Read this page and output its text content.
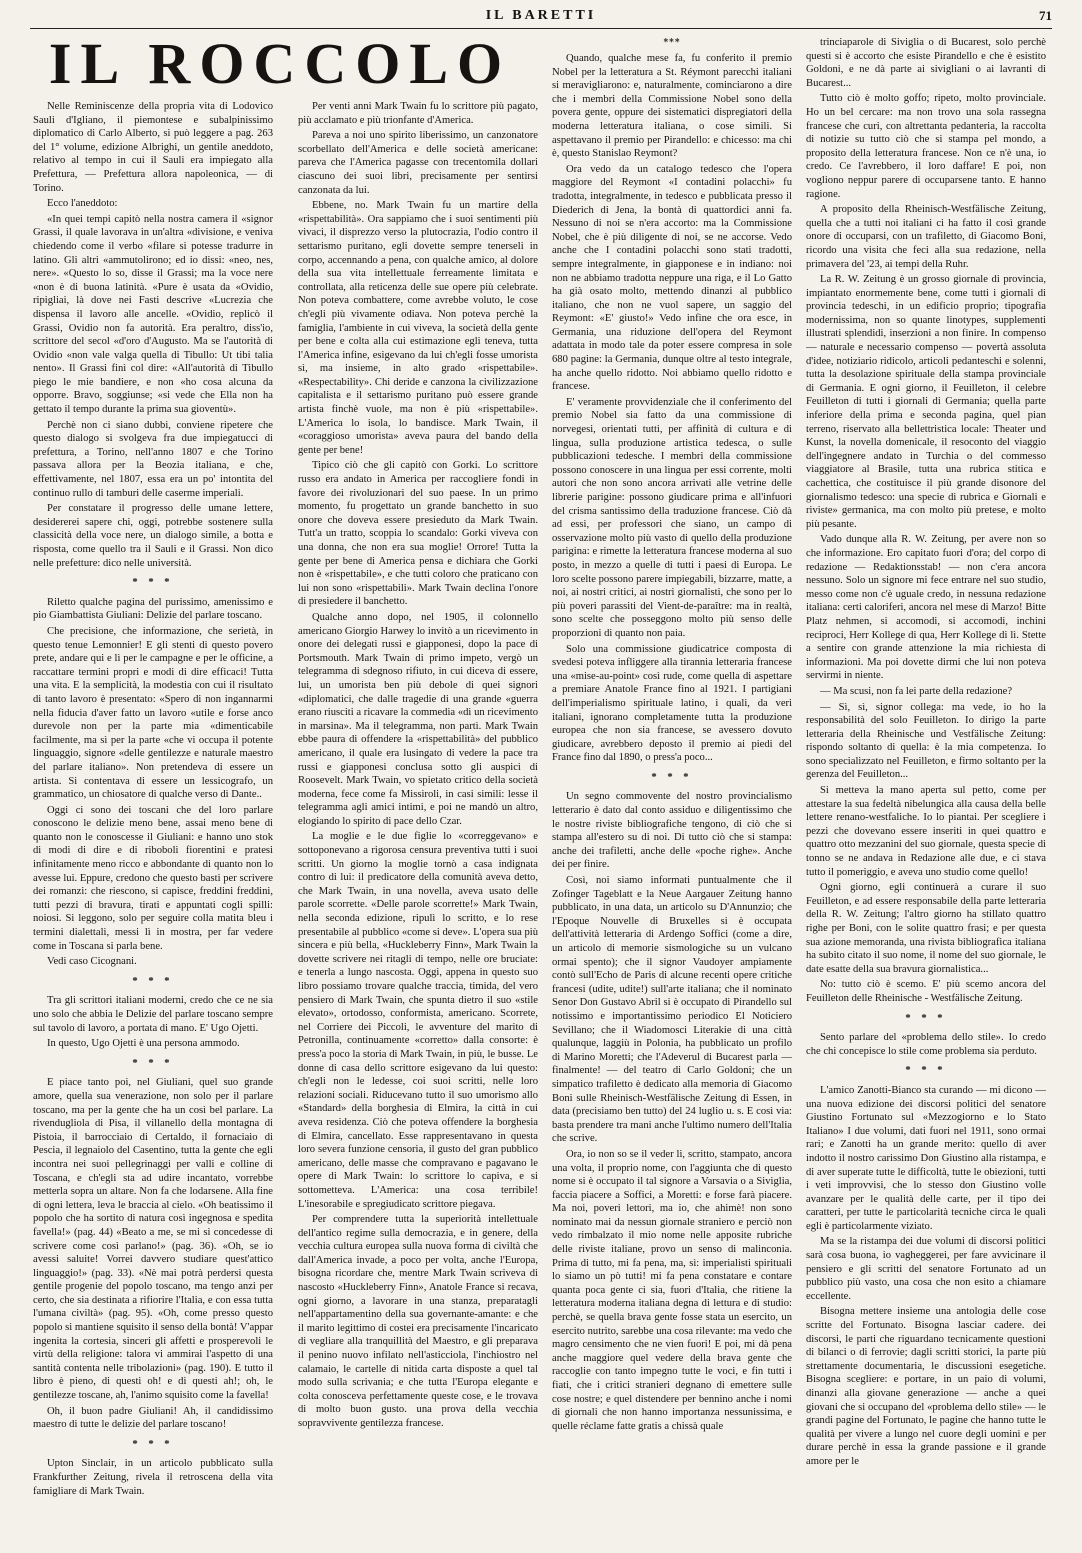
IL BARETTI	71
IL ROCCOLO	***

Nelle Reminiscenze della propria vita di Lodovico Sauli d'Igliano, il piemontese e subalpinissimo diplomatico di Carlo Alberto, si può leggere a pag. 263 del 1° volume, edizione Albrighi, un gentile aneddoto, relativo al tempo in cui il Sauli era impiegato alla Prefettura, — Prefettura allora napoleonica, — di Torino.

Ecco l'aneddoto:

«In quei tempi capitò nella nostra camera il «signor Grassi, il quale lavorava in un'altra «divisione, e veniva chiedendo come il verbo «filare si potesse tradurre in latino. Gli altri «ammutolirono; ed io dissi: «neo, nes, nere». «Questo lo so, disse il Grassi; ma la voce nere «non è di buona latinità. «Pure è usata da «Ovidio, ripigliai, là dove nei Fasti descrive «Lucrezia che dispensa il lavoro alle ancelle. «Ovidio, replicò il Grassi, Ovidio non fa autorità. Era peraltro, diss'io, scrittore del secol «d'oro d'Augusto. Ma se l'autorità di Ovidio «non vale valga quella di Tibullo: Ut tibi talia nento». Il Grassi finì col dire: «All'autorità di Tibullo piego le mie bandiere, e non «ho cosa alcuna da opporre. Bravo, soggiunse; «si vede che Ella non ha gettato il tempo durante la prima sua gioventù».

Perchè non ci siano dubbi, conviene ripetere che questo dialogo si svolgeva fra due impiegatucci di prefettura, a Torino, nell'anno 1807 e che Torino passava allora per la Beozia italiana, e che, effettivamente, nel 1807, essa era un po' intontita del continuo rullo di tamburi delle caserme imperiali.

Per constatare il progresso delle umane lettere, desidererei sapere chi, oggi, potrebbe sostenere sulla classicità della voce nere, un dialogo simile, a botta e risposta, come quello tra il Sauli e il Grassi. Non dico nelle prefetture: dico nelle università.

* * *

Riletto qualche pagina del purissimo, amenissimo e pio Giambattista Giuliani: Delizie del parlare toscano.

Che precisione, che informazione, che serietà, in questo tenue Lemonnier! E gli stenti di questo povero prete, andare qui e lì per le campagne e per le officine, a raccattare termini propri e modi di dire efficaci! Tutta una vita. E la semplicità, la modestia con cui il risultato di tanto lavoro è presentato: «Spero di non ingannarmi nella fiducia d'aver fatto un lavoro «utile e forse anco durevole non per la parte mia «dimenticabile facilmente, ma sì per la parte «che vi occupa il potente linguaggio, signore «delle gentilezze e naturale maestro del parlare italiano». Non pretendeva di essere un artista. Si contentava di essere un lessicografo, un grammatico, un chiosatore di qualche verso di Dante..

Oggi ci sono dei toscani che del loro parlare conoscono le delizie meno bene, assai meno bene di quanto non le conoscesse il Giuliani: e hanno uno stok di modi di dire e di riboboli fiorentini e pratesi infinitamente meno ricco e abbondante di quanto non lo avesse lui. Eppure, credono che questo basti per scrivere dei romanzi: che riescono, si capisce, freddini freddini, tutti pezzi di bravura, tirati e appuntati cogli spilli: noiosi. Si leggono, solo per seguire colla matita bleu i termini dialettali, messi lì in mostra, per far vedere come in Toscana si parla bene.

Vedi caso Cicognani.

* * *

Tra gli scrittori italiani moderni, credo che ce ne sia uno solo che abbia le Delizie del parlare toscano sempre sul tavolo di lavoro, a portata di mano. E' Ugo Ojetti.

In questo, Ugo Ojetti è una persona ammodo.

* * *

E piace tanto poi, nel Giuliani, quel suo grande amore, quella sua venerazione, non solo per il parlare toscano, ma per la gente che ha un così bel parlare. La rivendugliola di Pisa, il villanello della montagna di Pistoia, il barrocciaio di Certaldo, il fornaciaio di Pescia, il legnaiolo del Casentino, tutta la gente che egli incontra nei suoi pellegrinaggi per valli e colline di Toscana, e ch'egli sta ad udire incantato, vorrebbe metterla sopra un altare. Non fa che lodarsene. Alla fine di ogni lettera, leva le braccia al cielo. «Oh beatissimo il popolo che ha sortito di natura così ingegnosa e spedita favella!» (pag. 44) «Beato a me, se mi si concedesse di scrivere come così parlano!» (pag. 36). «Oh, se io avessi saluite! Vorrei davvero studiare quest'attico linguaggio!» (pag. 33). «Nè mai potrà perdersi questa gentile progenie del popolo toscano, ma tengo anzi per certo, che sia destinata a rifiorire l'Italia, e con essa tutta l'umana civiltà» (pag. 95). «Oh, come presso questo popolo si mantiene squisito il senso della bontà! V'appar ingenita la cortesia, sinceri gli affetti e prosperevoli le virtù della religione: talora vi ammirai l'aspetto di una santità contenta nelle tribolazioni» (pag. 190). E tutto il libro è pieno, di questi oh! e di questi ah!; oh, le gentilezze toscane, ah, l'animo squisito come la favella!

Oh, il buon padre Giuliani! Ah, il candidissimo maestro di tutte le delizie del parlare toscano!

* * *

Upton Sinclair, in un articolo pubblicato sulla Frankfurther Zeitung, rivela il retroscena della vita famigliare di Mark Twain.

Per venti anni Mark Twain fu lo scrittore più pagato, più acclamato e più trionfante d'America.

Pareva a noi uno spirito liberissimo, un canzonatore scorbellato dell'America e delle società americane: pareva che l'America pagasse con trecentomila dollari ciascuno dei suoi libri, precisamente per sentirsi canzonata da lui.

Ebbene, no. Mark Twain fu un martire della «rispettabilità». Ora sappiamo che i suoi sentimenti più vivaci, il disprezzo verso la plutocrazia, l'odio contro il settarismo puritano, egli dovette sempre tenerseli in corpo, accennando a pena, con qualche amico, al dolore della sua vita intellettuale ferreamente limitata e controllata, alla reticenza delle sue opere più celebrate. Non poteva combattere, come avrebbe voluto, le cose ch'egli più vivamente odiava. Non poteva perchè la famiglia, l'ambiente in cui viveva, la società della gente per bene e colta alla cui estimazione egli teneva, tutta l'America infine, esigevano da lui ch'egli fosse umorista sì, ma insieme, in alto grado «rispettabile». «Respectability». Chi deride e canzona la civilizzazione capitalista e il settarismo puritano può essere grande artista finchè vuole, ma non è più «rispettabile». L'America lo isola, lo bandisce. Mark Twain, il «coraggioso umorista» aveva paura del bando della gente per bene!

Tipico ciò che gli capitò con Gorki. Lo scrittore russo era andato in America per raccogliere fondi in favore dei rivoluzionari del suo paese. In un primo momento, fu progettato un grande banchetto in suo onore che doveva essere presieduto da Mark Twain. Tutt'a un tratto, scoppia lo scandalo: Gorki viveva con una donna, che non era sua moglie! Orrore! Tutta la gente per bene di America pensa e dichiara che Gorki non è «rispettabile», e che tutti coloro che praticano con lui non sono «rispettabili». Mark Twain declina l'onore di presiedere il banchetto.

Qualche anno dopo, nel 1905, il colonnello americano Giorgio Harwey lo invitò a un ricevimento in onore dei delegati russi e giapponesi, dopo la pace di Portsmouth. Mark Twain di primo impeto, vergò un telegramma di sdegnoso rifiuto, in cui diceva di essere, lui, un umorista ben più debole di quei signori «diplomatici, che dalle tragedie di una grande «guerra erano riusciti a ricavare la commedia «di un ricevimento in marsina». Ma il telegramma, non partì. Mark Twain ebbe paura di offendere la «rispettabilità» del pubblico americano, il quale era lusingato di vedere la pace tra russi e giapponesi conclusa sotto gli auspici di Roosevelt. Mark Twain, vo spietato critico della società moderna, fece come fa Missiroli, in casi simili: lesse il telegramma agli amici intimi, e poi ne mandò un altro, elogiando lo spirito di pace dello Czar.

La moglie e le due figlie lo «correggevano» e sottoponevano a rigorosa censura preventiva tutti i suoi scritti. Un giorno la moglie tornò a casa indignata contro di lui: il predicatore della comunità aveva detto, che Mark Twain, in una novella, aveva usato delle parole scorrette. «Delle parole scorrette!» Mark Twain, nella seconda edizione, ripulì lo scritto, e lo rese presentabile al pubblico «come si deve». L'opera sua più sincera e più bella, «Huckleberry Finn», Mark Twain la dovette scrivere nei ritagli di tempo, nelle ore bruciate: e tenerla a lungo nascosta. Oggi, appena in questo suo libro possiamo trovare qualche traccia, timida, del vero pensiero di Mark Twain, che spunta dietro il suo «stile elevato», ortodosso, conformista, americano. Scorrete, nel Corriere dei Piccoli, le avventure del marito di Petronilla, continuamente «corretto» dalla consorte: è press'a poco la storia di Mark Twain, in più, le busse. Le donne di casa dello scrittore esigevano da lui questo: ch'egli non le ledesse, coi suoi scritti, nelle loro relazioni sociali. Riducevano tutto il suo umorismo allo «Standard» della borghesia di Elmira, la città in cui aveva residenza. Ciò che poteva offendere la borghesia di Elmira, cancellato. Esse rappresentavano in questa loro severa funzione censoria, il gusto del gran pubblico americano, delle masse che compravano e pagavano le opere di Mark Twain: lo scrittore lo capiva, e si sottometteva. L'America: una cosa terribile! L'inesorabile e spregiudicato scrittore piegava.

Per comprendere tutta la superiorità intellettuale dell'antico regime sulla democrazia, e in genere, della vecchia cultura europea sulla nuova forma di civiltà che dall'America invade, a poco per volta, anche l'Europa, bisogna ricordare che, mentre Mark Twain scriveva di nascosto «Huckleberry Finn», Anatole France si recava, ogni giorno, a lavorare in una stanza, preparatagli nell'appartamentino della sua governante-amante: e che il marito legittimo di costei era precisamente l'incaricato di vegliare alla tranquillità del Maestro, e gli preparava il penino nuovo infilato nell'asticciola, l'inchiostro nel calamaio, le cartelle di nitida carta disposte a quel tal modo sulla scrivania; e che tutta l'Europa elegante e colta conosceva perfettamente queste cose, e le trovava di molto buon gusto. una prova della vecchia sopravvivente gentilezza francese.

Quando, qualche mese fa, fu conferito il premio Nobel per la letteratura a St. Réymont parecchi italiani si meravigliarono: e, naturalmente, cominciarono a dire che i membri della Commissione Nobel sono della povera gente, oppure dei sistematici dispregiatori della moderna letteratura italiana, o cose simili. Si aspettavano il premio per Pirandello: e chicesso: ma chi è, questo Stanislao Reymont?

Ora vedo da un catalogo tedesco che l'opera maggiore del Reymont «I contadini polacchi» fu tradotta, integralmente, in tedesco e pubblicata presso il Diederich di Jena, la bontà di quattordici anni fa. Nessuno di noi se n'era accorto: ma la Commissione Nobel, che è più diligente di noi, se ne accorse. Vedo anche che I contadini polacchi sono stati tradotti, sempre integralmente, in giapponese e in indiano: noi non ne abbiamo tradotta neppure una riga, e il Lo Gatto ha già osato molto, mettendo dinanzi al pubblico italiano, che non ne vuol sapere, un saggio del Reymont: «E' giusto!» Vedo infine che ora esce, in Germania, una riduzione dell'opera del Reymont adattata in modo tale da poter essere compresa in sole 680 pagine: la Germania, dunque oltre al testo integrale, ha anche quello ridotto. Noi abbiamo quello ridotto e francese.

E' veramente provvidenziale che il conferimento del premio Nobel sia fatto da una commissione di norvegesi, orientati tutti, per affinità di cultura e di lingua, sulla produzione artistica tedesca, o sulle pubblicazioni tedesche. I membri della commissione possono conoscere in una lingua per essi corrente, molti autori che non sono ancora arrivati alle vetrine delle librerie parigine: possono giudicare prima e all'infuori del crisma santissimo della traduzione francese. Ciò dà ad essi, per professori che siano, un campo di osservazione molto più vasto di quello della produzione parigina: e rimette la letteratura francese moderna al suo posto, in mezzo a quelle di tutti i paesi di Europa. Le loro scelte possono parere impiegabili, bizzarre, matte, a noi, ai nostri critici, ai nostri giornalisti, che sono per lo più poveri parassiti del Vient-de-paraître: ma in realtà, sono scelte che posseggono molto più senso delle proporzioni di quanto non paia.

Solo una commissione giudicatrice composta di svedesi poteva infliggere alla tirannia letteraria francese una «mise-au-point» così rude, come quella di aspettare a premiare Anatole France fino al 1921. I partigiani dell'imperialismo spirituale latino, i quali, da veri italiani, ignorano completamente tutta la produzione europea che non sia francese, se avessero dovuto giudicare, avrebbero deposto il premio ai piedi del France fino dal 1890, o press'a poco...

* * *

Un segno commovente del nostro provincialismo letterario è dato dal conto assiduo e diligentissimo che le nostre riviste bibliografiche tengono, di ciò che si stampa all'estero su di noi. Di tutto ciò che si stampa: anche dei trafiletti, anche delle «poche righe». Anche dei per finire.

Così, noi siamo informati puntualmente che il Zofinger Tageblatt e la Neue Aargauer Zeitung hanno pubblicato, in una data, un articolo su D'Annunzio; che l'Epoque Nouvelle di Bruxelles si è occupata dell'attività letteraria di Ardengo Soffici (come a dire, un articolo di memorie sismologiche su un vulcano ormai spento); che il signor Vaudoyer ampiamente contò sull'Echo de Paris di alcune recenti opere critiche francesi (udite, udite!) sull'arte italiana; che il nominato Senor Don Gustavo Abril si è occupato di Pirandello sul notissimo e importantissimo periodico El Noticiero Sevillano; che il Wiadomosci Literakie di una città qualunque, laggiù in Polonia, ha pubblicato un profilo di Marino Moretti; che l'Adeverul di Bucarest parla — finalmente! — del teatro di Carlo Goldoni; che un simpatico trafiletto è dedicato alla memoria di Giacomo Boni sulle Rheinisch-Westfälische Zeitung di Essen, in data (precisiamo ben tutto) del 24 luglio u. s. E così via: basta prendere tra mani anche l'ultimo numero dell'Italia che scrive.

Ora, io non so se il veder li, scritto, stampato, ancora una volta, il proprio nome, con l'aggiunta che di questo nome si è occupato il tal signore a Varsavia o a Siviglia, faccia piacere a Soffici, a Moretti: e forse farà piacere. Ma noi, poveri lettori, ma io, che ahimè! non sono nominato mai da nessun giornale straniero e perciò non vedo rimbalzato il mio nome nelle apposite rubriche delle riviste italiane, provo un senso di malinconia. Prima di tutto, mi fa pena, ma, sì: imperialisti spirituali lo siamo un pò tutti! mi fa pena constatare e contare quanta poca gente ci sia, fuori d'Italia, che ritiene la letteratura moderna italiana degna di lettura e di studio: perchè, se quella brava gente fosse stata un esercito, un esercito nutrito, sarebbe una cosa rilevante: ma vedo che magro censimento che ne vien fuori! E poi, mi dà pena anche maggiore quel vedere della brava gente che raccoglie con tanto impegno tutte le voci, e fin tutti i fiati, che i critici stranieri degnano di emettere sulle cose nostre; e quel distendere per bennino anche i nomi di giornali che non hanno importanza nessunissima, e quelle réclame fatte gratis a chissà quale

trinciaparole di Siviglia o di Bucarest, solo perchè questi si è accorto che esiste Pirandello e che è esistito Goldoni, e ne dà parte ai sivigliani o ai lavranti di Bucarest...

Tutto ciò è molto goffo; ripeto, molto provinciale. Ho un bel cercare: ma non trovo una sola rassegna francese che curi, con altrettanta pedanteria, la raccolta di notizie su tutto ciò che si stampa pel mondo, a proposito della letteratura francese. Non ce n'è una, io credo. Ce l'avrebbero, il loro daffare! E poi, non vogliono neppur parere di occuparsene tanto. E hanno ragione.

A proposito della Rheinisch-Westfälische Zeitung, quella che a tutti noi italiani ci ha fatto il così grande onore di occuparsi, con un trafiletto, di Giacomo Boni, ricordo una visita che feci alla sua redazione, nella primavera del '23, ai tempi della Ruhr.

La R. W. Zeitung è un grosso giornale di provincia, impiantato enormemente bene, come tutti i giornali di provincia tedeschi, in un edificio proprio; tipografia modernissima, non so quante linotypes, supplementi illustrati splendidi, inserzioni a non finire. In compenso — naturale e necessario compenso — povertà assoluta d'idee, notiziario ridicolo, articoli pedanteschi e solenni, tutta la desolazione spirituale della stampa provinciale di Germania. E ogni giorno, il Feuilleton, il celebre Feuilleton di tutti i giornali di Germania; quella parte inferiore della prima e seconda pagina, quel pian terreno, riservato alla bellettristica locale: Theater und Kunst, la novella domenicale, il resoconto del viaggio dell'ingegnere andato in Turchia o del commesso viaggiatore al Brasile, tutta una rubrica stitica e cachettica, che costituisce il più grande disonore del giornalismo tedesco: una specie di rubrica e Giornali e riviste» germanica, ma con molto più pretese, e molto più pesante.

Vado dunque alla R. W. Zeitung, per avere non so che informazione. Ero capitato fuori d'ora; del corpo di redazione — Redaktionsstab! — non c'era ancora nessuno. Solo un signore mi fece entrare nel suo studio, messo come non c'è uguale credo, in nessuna redazione italiana: certi caloriferi, ancora nel mese di Marzo! Bitte Platz nehmen, si accomodi, si accomodi, inchini reciproci, Herr Kollege di qua, Herr Kollege di lì. Stette a sentire con grande attenzione la mia richiesta di informazioni. Ma poi dovette dirmi che lui non poteva servirmi in niente.

— Ma scusi, non fa lei parte della redazione?

— Sì, sì, signor collega: ma vede, io ho la responsabilità del solo Feuilleton. Io dirigo la parte letteraria della Rheinische und Vestfälische Zeitung: rispondo soltanto di quella: è la mia competenza. Io sono specializzato nel Feuilleton, e firmo soltanto per la gerenza del Feuilleton...

Si metteva la mano aperta sul petto, come per attestare la sua fedeltà nibelungica alla causa della belle lettere renano-westfaliche. Io lo piantai. Per scegliere i pezzi che dovevano essere inseriti in quei quattro e quattro otto mezzanini del suo giornale, questa specie di tonno se ne andava in Redazione alle due, e ci stava tutto il pomeriggio, e aveva uno studio come quello!

Ogni giorno, egli continuerà a curare il suo Feuilleton, e ad essere responsabile della parte letteraria della R. W. Zeitung; l'altro giorno ha stillato quattro righe per Boni, con le solite quattro frasi; e per questa sua azione memoranda, una rivista bibliografica italiana ha subito citato il suo nome, il nome del suo giornale, le date esatte della sua bravura giornalistica...

No: tutto ciò è scemo. E' più scemo ancora del Feuilleton delle Rheinische - Westfälische Zeitung.

* * *

Sento parlare del «problema dello stile». Io credo che chi concepisce lo stile come problema sia perduto.

* * *

L'amico Zanotti-Bianco sta curando — mi dicono — una nuova edizione dei discorsi politici del senatore Giustino Fortunato sul «Mezzogiorno e lo Stato Italiano» I due volumi, dati fuori nel 1911, sono ormai rari; e Zanotti ha un grande merito: quello di aver indotto il nostro carissimo Don Giustino alla ristampa, e di aver superate tutte le difficoltà, tutte le obiezioni, tutti i veti improvvisi, che lo stesso don Giustino volle avanzare per le qualità delle carte, per il tipo dei caratteri, per tutte le particolarità tecniche circa le quali egli è particolarmente viziato.

Ma se la ristampa dei due volumi di discorsi politici sarà cosa buona, io vagheggerei, per fare avvicinare il pensiero e gli scritti del senatore Fortunato ad un pubblico più vasto, una cosa che non esito a chiamare eccellente.

Bisogna mettere insieme una antologia delle cose scritte del Fortunato. Bisogna lasciar cadere. dei discorsi, le parti che riguardano tecnicamente questioni di bilanci o di ferrovie; dagli scritti storici, la parte più strettamente documentaria, le discussioni esegetiche. Bisogna scegliere: e portare, in un paio di volumi, dinanzi alla giovane generazione — anche a quei giovani che si occupano del «problema dello stile» — le grandi pagine del Fortunato, le pagine che hanno tutte le qualità per vivere a lungo nel cuore degli uomini e per durare perchè in essa la grande passione e il grande amore per le
